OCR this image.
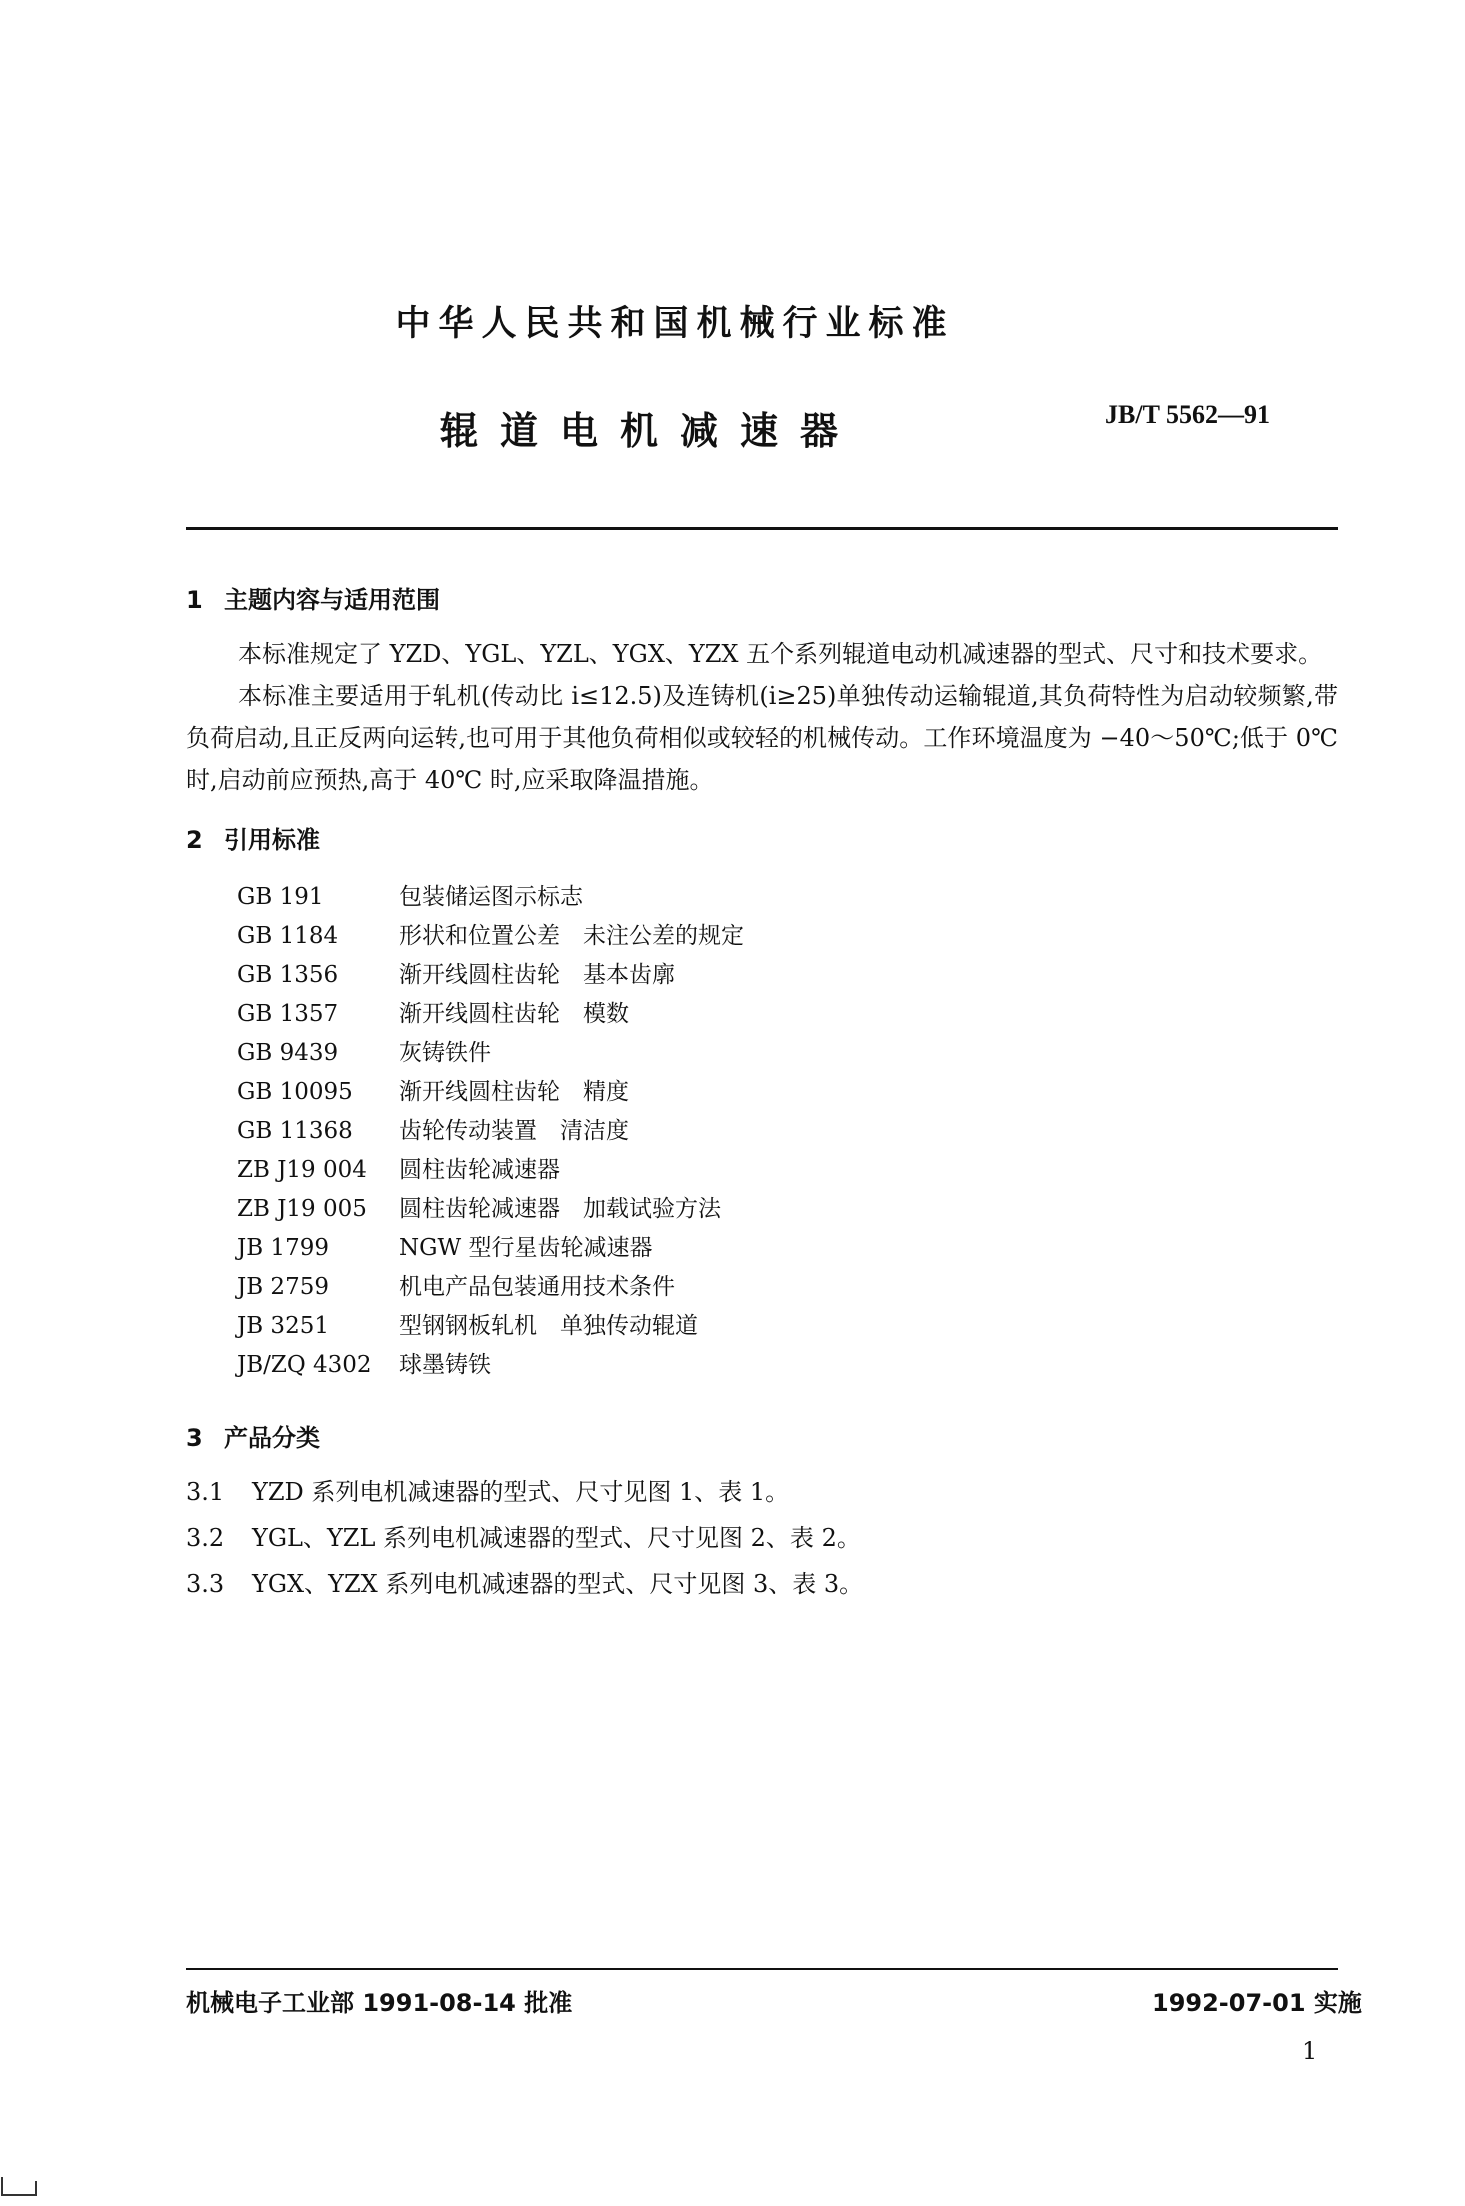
中华人民共和国机械行业标准
辊道电机减速器	JB/T 5562—91
1 主题内容与适用范围
本标准规定了 YZD、YGL、YZL、YGX、YZX 五个系列辊道电动机减速器的型式、尺寸和技术要求。
本标准主要适用于轧机(传动比 i≤12.5)及连铸机(i≥25)单独传动运输辊道,其负荷特性为启动较频繁,带负荷启动,且正反两向运转,也可用于其他负荷相似或较轻的机械传动。工作环境温度为 −40～50℃;低于 0℃时,启动前应预热,高于 40℃ 时,应采取降温措施。
2 引用标准
GB 191	包装储运图示标志
GB 1184	形状和位置公差　未注公差的规定
GB 1356	渐开线圆柱齿轮　基本齿廓
GB 1357	渐开线圆柱齿轮　模数
GB 9439	灰铸铁件
GB 10095 渐开线圆柱齿轮　精度
GB 11368 齿轮传动装置　清洁度
ZB J19 004 圆柱齿轮减速器
ZB J19 005 圆柱齿轮减速器　加载试验方法
JB 1799	NGW 型行星齿轮减速器
JB 2759	机电产品包装通用技术条件
JB 3251	型钢钢板轧机　单独传动辊道
JB/ZQ 4302 球墨铸铁
3 产品分类
3.1 YZD 系列电机减速器的型式、尺寸见图 1、表 1。
3.2 YGL、YZL 系列电机减速器的型式、尺寸见图 2、表 2。
3.3 YGX、YZX 系列电机减速器的型式、尺寸见图 3、表 3。
机械电子工业部 1991-08-14 批准	1992-07-01 实施
1
